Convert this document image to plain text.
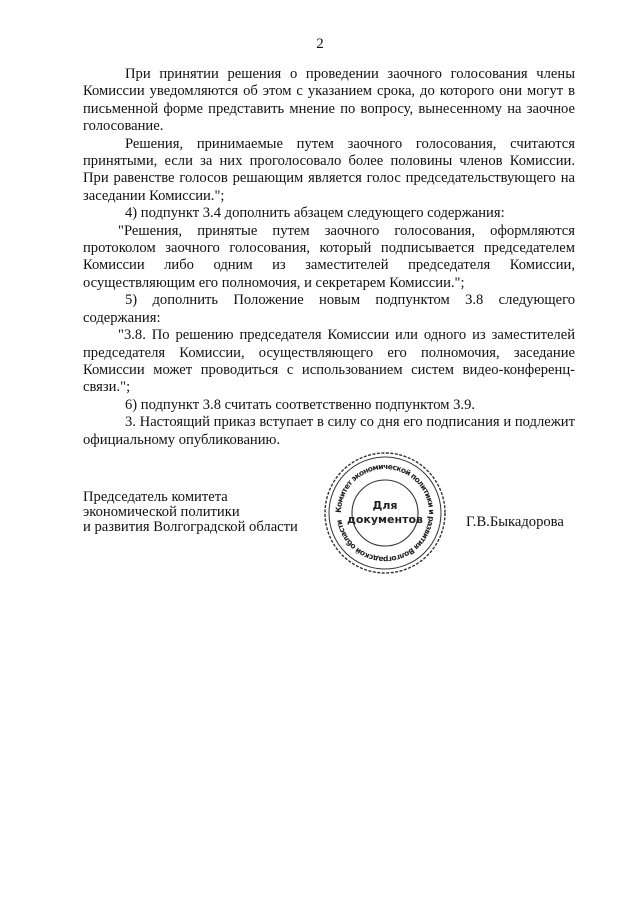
2

При принятии решения о проведении заочного голосования члены Комиссии уведомляются об этом с указанием срока, до которого они могут в письменной форме представить мнение по вопросу, вынесенному на заочное голосование.

Решения, принимаемые путем заочного голосования, считаются принятыми, если за них проголосовало более половины членов Комиссии. При равенстве голосов решающим является голос председательствующего на заседании Комиссии.";

4) подпункт 3.4 дополнить абзацем следующего содержания:

"Решения, принятые путем заочного голосования, оформляются протоколом заочного голосования, который подписывается председателем Комиссии либо одним из заместителей председателя Комиссии, осуществляющим его полномочия, и секретарем Комиссии.";

5) дополнить Положение новым подпунктом 3.8 следующего содержания:

"3.8. По решению председателя Комиссии или одного из заместителей председателя Комиссии, осуществляющего его полномочия, заседание Комиссии может проводиться с использованием систем видео-конференц-связи.";

6) подпункт 3.8 считать соответственно подпунктом 3.9.

3. Настоящий приказ вступает в силу со дня его подписания и подлежит официальному опубликованию.

Председатель комитета
экономической политики
и развития Волгоградской области
Комитет экономической политики и развития Волгоградской области
Для
документов	Г.В.Быкадорова
